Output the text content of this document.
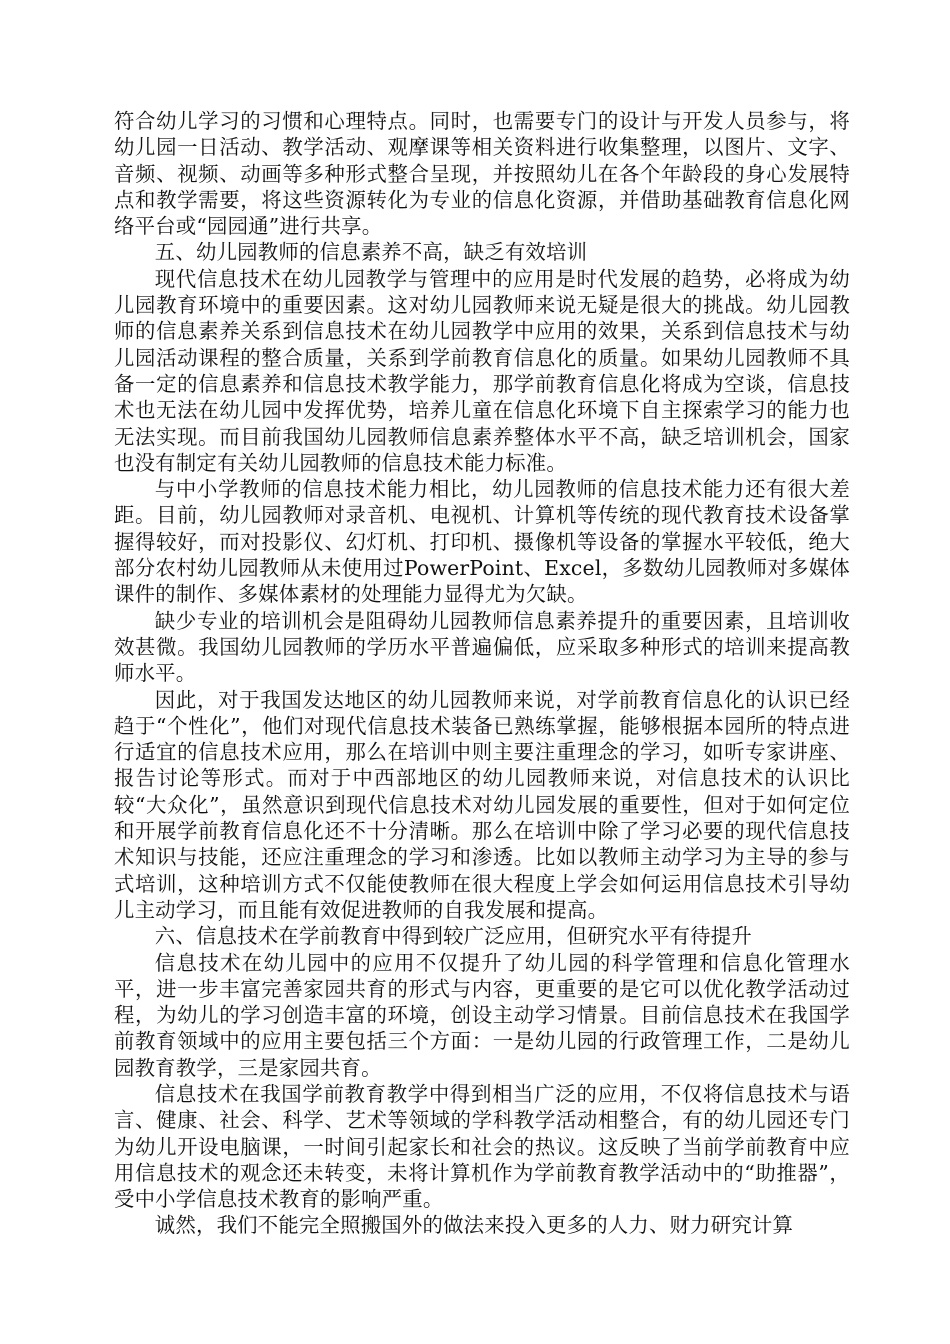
符合幼儿学习的习惯和心理特点。同时，也需要专门的设计与开发人员参与，将幼儿园一日活动、教学活动、观摩课等相关资料进行收集整理，以图片、文字、音频、视频、动画等多种形式整合呈现，并按照幼儿在各个年龄段的身心发展特点和教学需要，将这些资源转化为专业的信息化资源，并借助基础教育信息化网络平台或“园园通”进行共享。

五、幼儿园教师的信息素养不高，缺乏有效培训

现代信息技术在幼儿园教学与管理中的应用是时代发展的趋势，必将成为幼儿园教育环境中的重要因素。这对幼儿园教师来说无疑是很大的挑战。幼儿园教师的信息素养关系到信息技术在幼儿园教学中应用的效果，关系到信息技术与幼儿园活动课程的整合质量，关系到学前教育信息化的质量。如果幼儿园教师不具备一定的信息素养和信息技术教学能力，那学前教育信息化将成为空谈，信息技术也无法在幼儿园中发挥优势，培养儿童在信息化环境下自主探索学习的能力也无法实现。而目前我国幼儿园教师信息素养整体水平不高，缺乏培训机会，国家也没有制定有关幼儿园教师的信息技术能力标准。

与中小学教师的信息技术能力相比，幼儿园教师的信息技术能力还有很大差距。目前，幼儿园教师对录音机、电视机、计算机等传统的现代教育技术设备掌握得较好，而对投影仪、幻灯机、打印机、摄像机等设备的掌握水平较低，绝大部分农村幼儿园教师从未使用过PowerPoint、Excel，多数幼儿园教师对多媒体课件的制作、多媒体素材的处理能力显得尤为欠缺。

缺少专业的培训机会是阻碍幼儿园教师信息素养提升的重要因素，且培训收效甚微。我国幼儿园教师的学历水平普遍偏低，应采取多种形式的培训来提高教师水平。

因此，对于我国发达地区的幼儿园教师来说，对学前教育信息化的认识已经趋于“个性化”，他们对现代信息技术装备已熟练掌握，能够根据本园所的特点进行适宜的信息技术应用，那么在培训中则主要注重理念的学习，如听专家讲座、报告讨论等形式。而对于中西部地区的幼儿园教师来说，对信息技术的认识比较“大众化”，虽然意识到现代信息技术对幼儿园发展的重要性，但对于如何定位和开展学前教育信息化还不十分清晰。那么在培训中除了学习必要的现代信息技术知识与技能，还应注重理念的学习和渗透。比如以教师主动学习为主导的参与式培训，这种培训方式不仅能使教师在很大程度上学会如何运用信息技术引导幼儿主动学习，而且能有效促进教师的自我发展和提高。

六、信息技术在学前教育中得到较广泛应用，但研究水平有待提升

信息技术在幼儿园中的应用不仅提升了幼儿园的科学管理和信息化管理水平，进一步丰富完善家园共育的形式与内容，更重要的是它可以优化教学活动过程，为幼儿的学习创造丰富的环境，创设主动学习情景。目前信息技术在我国学前教育领域中的应用主要包括三个方面：一是幼儿园的行政管理工作，二是幼儿园教育教学，三是家园共育。

信息技术在我国学前教育教学中得到相当广泛的应用，不仅将信息技术与语言、健康、社会、科学、艺术等领域的学科教学活动相整合，有的幼儿园还专门为幼儿开设电脑课，一时间引起家长和社会的热议。这反映了当前学前教育中应用信息技术的观念还未转变，未将计算机作为学前教育教学活动中的“助推器”，受中小学信息技术教育的影响严重。

诚然，我们不能完全照搬国外的做法来投入更多的人力、财力研究计算
